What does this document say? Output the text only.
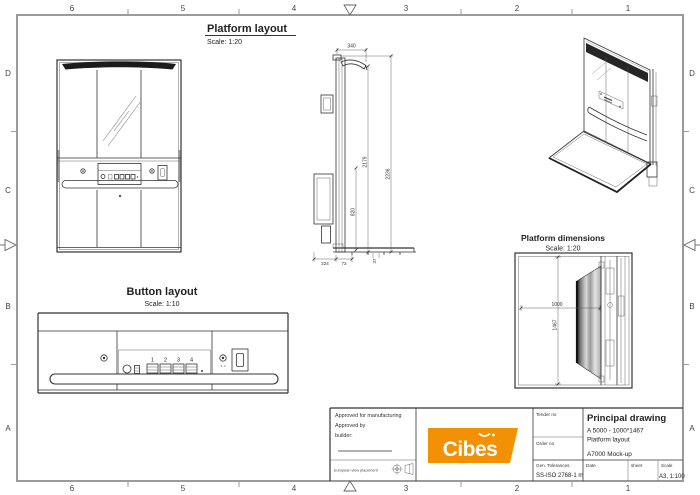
6	5	4	3	2	1
6	5	4	3	2	1
D
C
B
A
D
C
B
A
Platform layout
Scale: 1:20
340
2179
2236
820
224	73	37
Platform dimensions
Scale: 1:20
1000
1467
Button layout
Scale: 1:10
1 2 3 4
Approved for manufacturing
Approved by
builder:
European view placement
Cibes
Tender no
Order no
Gen. Tolerances
SS-ISO 2768-1 m
Date	sheet	Scale
A3, 1:100
Principal drawing
A 5000 - 1000*1467
Platform layout
A7000 Mock-up
